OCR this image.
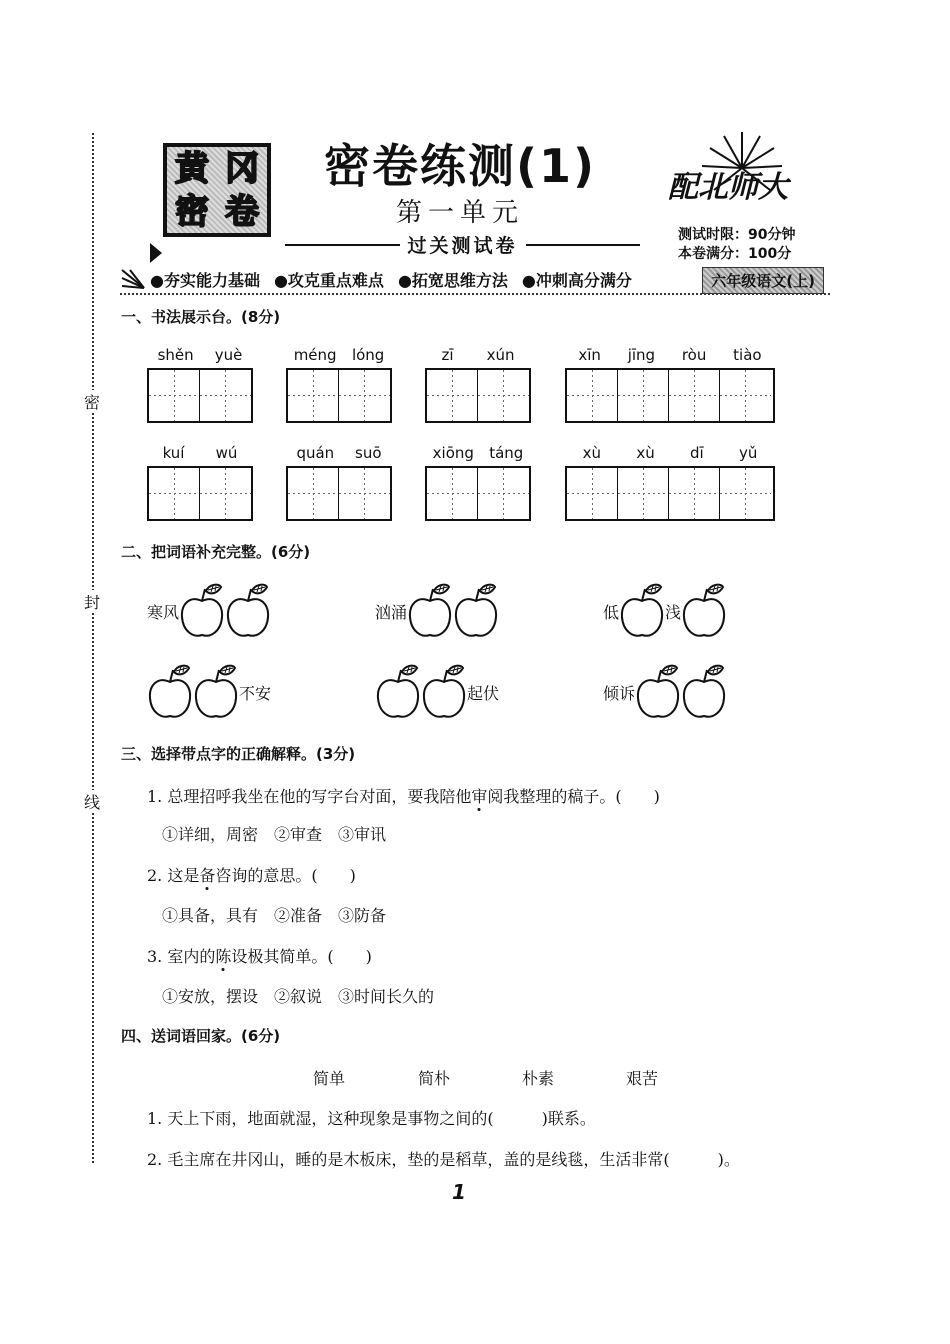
密
封
线
黄 冈
密 卷
密卷练测(1)
第一单元
过关测试卷
配北师大
测试时限：90分钟
本卷满分：100分
●夯实能力基础 ●攻克重点难点 ●拓宽思维方法 ●冲刺高分满分	六年级语文(上)
一、书法展示台。(8分)
shěn yuè	méng lóng	zī xún	xīn jīng ròu tiào
kuí wú	quán suō	xiōng táng	xù xù dī yǔ
二、把词语补充完整。(6分)
寒风	汹涌	低	浅
不安	起伏	倾诉
三、选择带点字的正确解释。(3分)
1. 总理招呼我坐在他的写字台对面，要我陪他审阅我整理的稿子。(　　)
①详细，周密　②审查　③审讯
2. 这是备咨询的意思。(　　)
①具备，具有　②准备　③防备
3. 室内的陈设极其简单。(　　)
①安放，摆设　②叙说　③时间长久的
四、送词语回家。(6分)
简单	简朴	朴素	艰苦
1. 天上下雨，地面就湿，这种现象是事物之间的(　　　)联系。
2. 毛主席在井冈山，睡的是木板床，垫的是稻草，盖的是线毯，生活非常(　　　)。
1
